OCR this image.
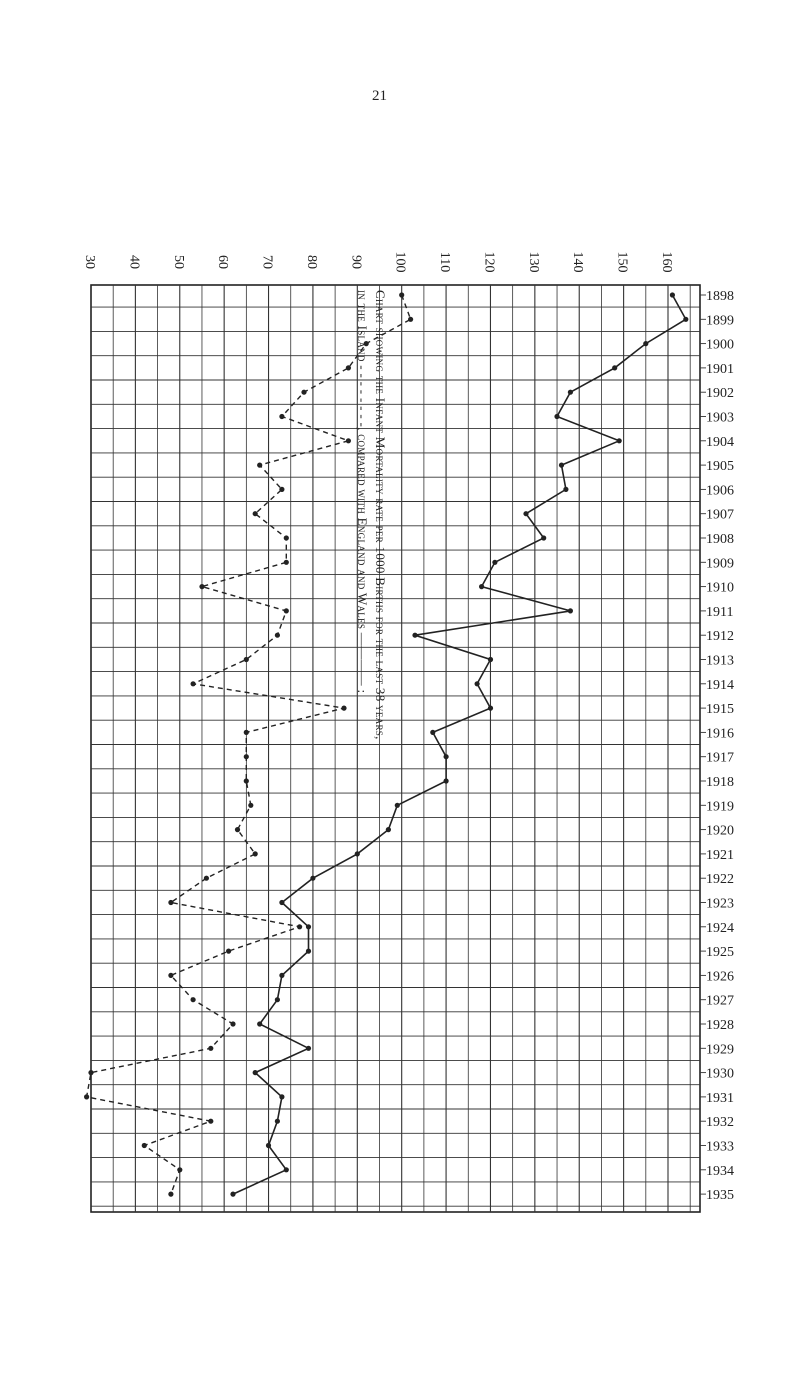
21
30 40 50 60 70 80 90 100 110 120 130 140 150 160
1898
1899
1900
1901
1902
1903
1904
1905
1906
1907
1908
1909
1910
1911
1912
1913
1914
1915
1916
1917
1918
1919
1920
1921
1922
1923
1924
1925
1926
1927
1928
1929
1930
1931
1932
1933
1934
1935
Chart showing the Infant Mortality rate per 1000 Births for the last 38 years,
in the Island - - - - - - - -, compared with England and Wales ———— :
